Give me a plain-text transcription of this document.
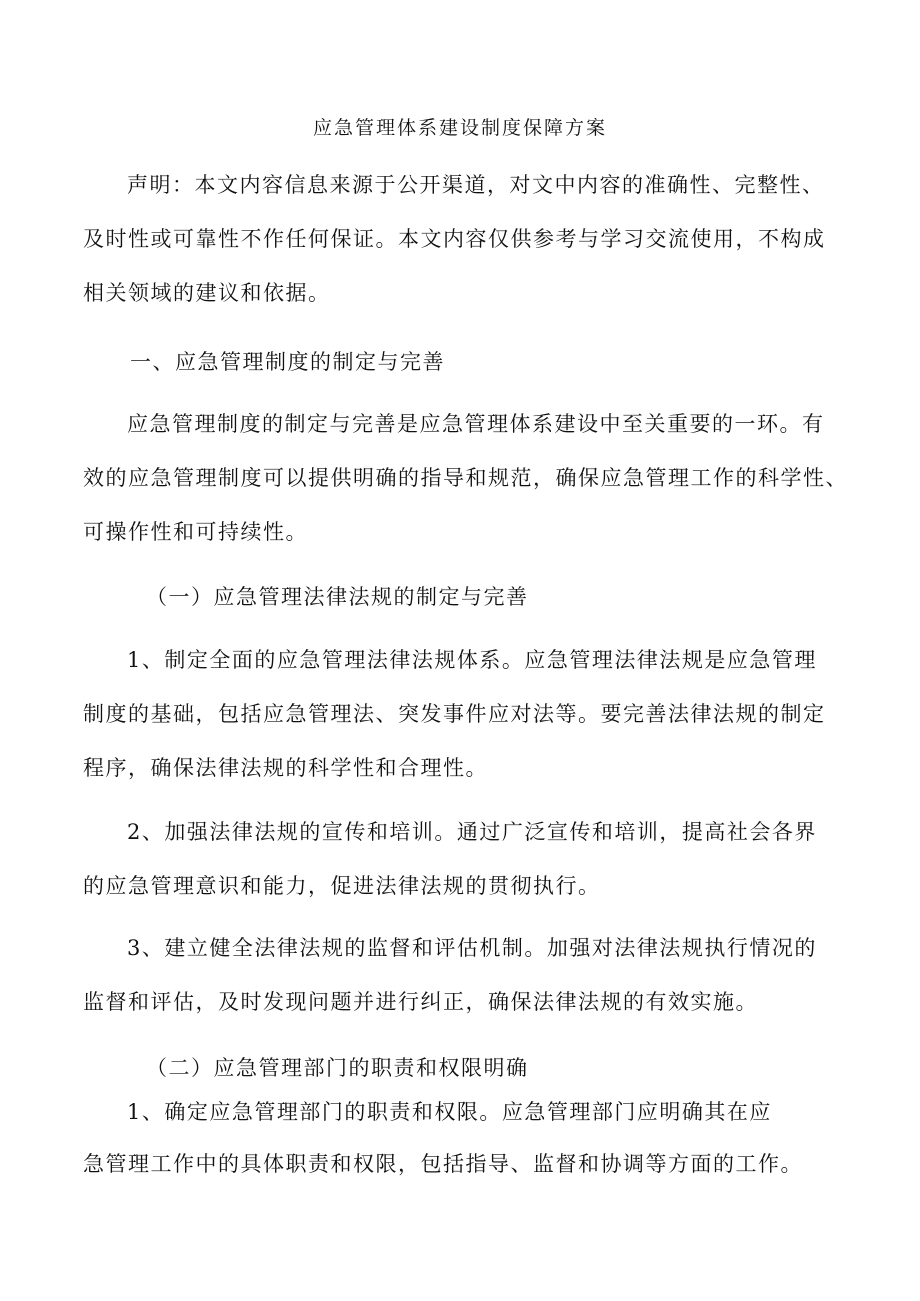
应急管理体系建设制度保障方案
声明：本文内容信息来源于公开渠道，对文中内容的准确性、完整性、
及时性或可靠性不作任何保证。本文内容仅供参考与学习交流使用，不构成
相关领域的建议和依据。
一、应急管理制度的制定与完善
应急管理制度的制定与完善是应急管理体系建设中至关重要的一环。有
效的应急管理制度可以提供明确的指导和规范，确保应急管理工作的科学性、
可操作性和可持续性。
（一）应急管理法律法规的制定与完善
1、制定全面的应急管理法律法规体系。应急管理法律法规是应急管理
制度的基础，包括应急管理法、突发事件应对法等。要完善法律法规的制定
程序，确保法律法规的科学性和合理性。
2、加强法律法规的宣传和培训。通过广泛宣传和培训，提高社会各界
的应急管理意识和能力，促进法律法规的贯彻执行。
3、建立健全法律法规的监督和评估机制。加强对法律法规执行情况的
监督和评估，及时发现问题并进行纠正，确保法律法规的有效实施。
（二）应急管理部门的职责和权限明确
1、确定应急管理部门的职责和权限。应急管理部门应明确其在应
急管理工作中的具体职责和权限，包括指导、监督和协调等方面的工作。
